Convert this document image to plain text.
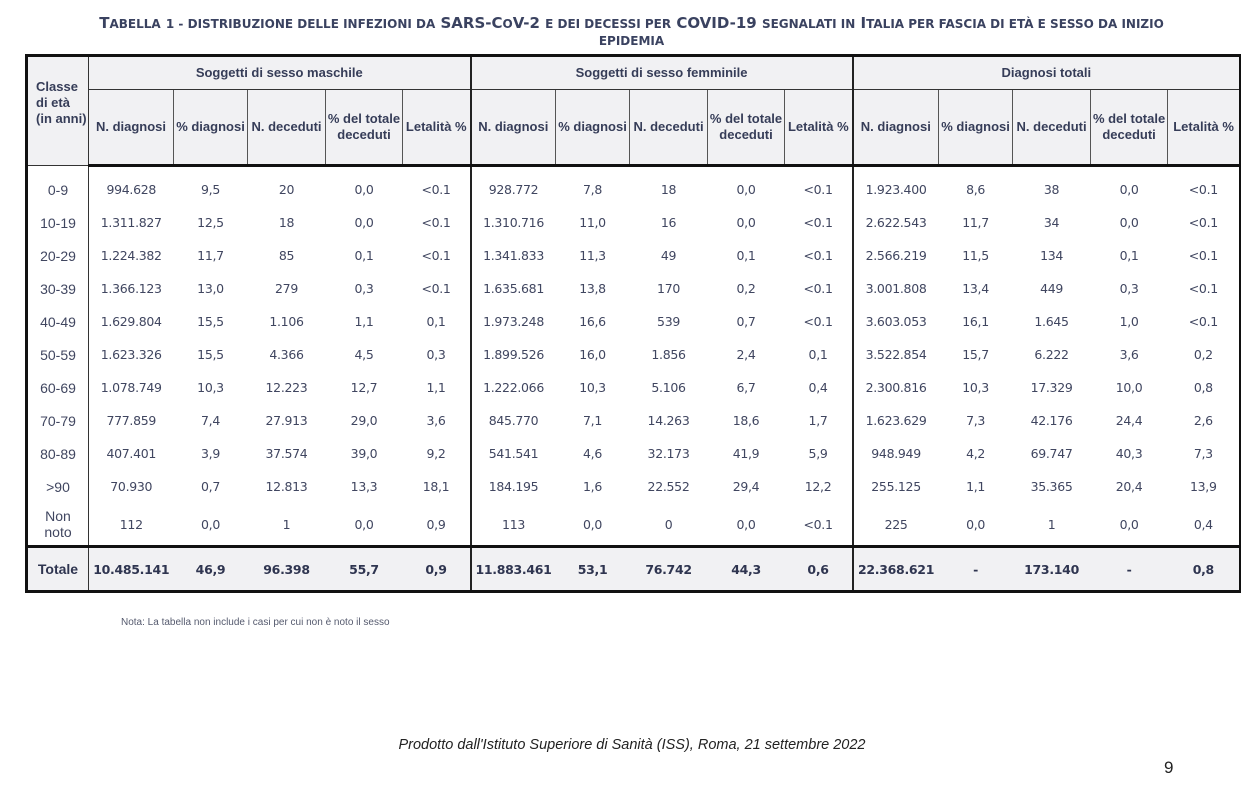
TABELLA 1 - DISTRIBUZIONE DELLE INFEZIONI DA SARS-COV-2 E DEI DECESSI PER COVID-19 SEGNALATI IN ITALIA PER FASCIA DI ETÀ E SESSO DA INIZIO
EPIDEMIA
Classe di età (in anni)	Soggetti di sesso maschile					Soggetti di sesso femminile					Diagnosi totali				
	N. diagnosi	% diagnosi	N. deceduti	% del totale deceduti	Letalità %	N. diagnosi	% diagnosi	N. deceduti	% del totale deceduti	Letalità %	N. diagnosi	% diagnosi	N. deceduti	% del totale deceduti	Letalità %

0-9	994.628	9,5	20	0,0	<0.1	928.772	7,8	18	0,0	<0.1	1.923.400	8,6	38	0,0	<0.1
10-19	1.311.827	12,5	18	0,0	<0.1	1.310.716	11,0	16	0,0	<0.1	2.622.543	11,7	34	0,0	<0.1
20-29	1.224.382	11,7	85	0,1	<0.1	1.341.833	11,3	49	0,1	<0.1	2.566.219	11,5	134	0,1	<0.1
30-39	1.366.123	13,0	279	0,3	<0.1	1.635.681	13,8	170	0,2	<0.1	3.001.808	13,4	449	0,3	<0.1
40-49	1.629.804	15,5	1.106	1,1	0,1	1.973.248	16,6	539	0,7	<0.1	3.603.053	16,1	1.645	1,0	<0.1
50-59	1.623.326	15,5	4.366	4,5	0,3	1.899.526	16,0	1.856	2,4	0,1	3.522.854	15,7	6.222	3,6	0,2
60-69	1.078.749	10,3	12.223	12,7	1,1	1.222.066	10,3	5.106	6,7	0,4	2.300.816	10,3	17.329	10,0	0,8
70-79	777.859	7,4	27.913	29,0	3,6	845.770	7,1	14.263	18,6	1,7	1.623.629	7,3	42.176	24,4	2,6
80-89	407.401	3,9	37.574	39,0	9,2	541.541	4,6	32.173	41,9	5,9	948.949	4,2	69.747	40,3	7,3
>90	70.930	0,7	12.813	13,3	18,1	184.195	1,6	22.552	29,4	12,2	255.125	1,1	35.365	20,4	13,9
Non noto	112	0,0	1	0,0	0,9	113	0,0	0	0,0	<0.1	225	0,0	1	0,0	0,4
Totale	10.485.141	46,9	96.398	55,7	0,9	11.883.461	53,1	76.742	44,3	0,6	22.368.621	-	173.140	-	0,8
Nota: La tabella non include i casi per cui non è noto il sesso
Prodotto dall'Istituto Superiore di Sanità (ISS), Roma, 21 settembre 2022
9
